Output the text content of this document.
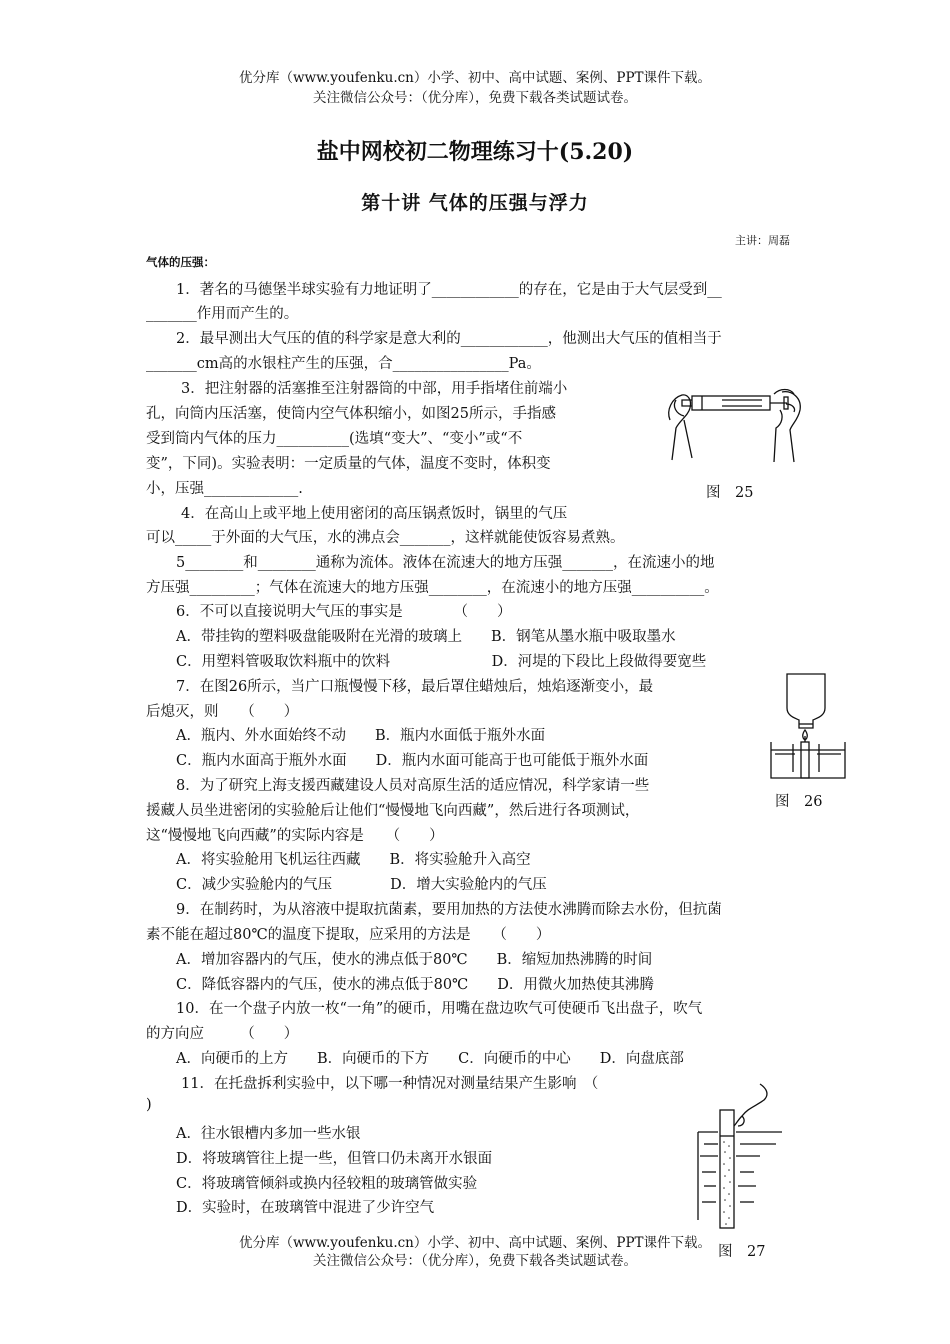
优分库（www.youfenku.cn）小学、初中、高中试题、案例、PPT课件下载。
关注微信公众号：（优分库），免费下载各类试题试卷。
盐中网校初二物理练习十(5.20)
第十讲 气体的压强与浮力
主讲：周磊
气体的压强：
1．著名的马德堡半球实验有力地证明了____________的存在，它是由于大气层受到__
_______作用而产生的。
2．最早测出大气压的值的科学家是意大利的____________，他测出大气压的值相当于
_______cm高的水银柱产生的压强，合________________Pa。
3．把注射器的活塞推至注射器筒的中部，用手指堵住前端小
孔，向筒内压活塞，使筒内空气体积缩小，如图25所示，手指感
受到筒内气体的压力__________(选填“变大”、“变小”或“不
变”，下同)。实验表明：一定质量的气体，温度不变时，体积变
小，压强_____________.
4．在高山上或平地上使用密闭的高压锅煮饭时，锅里的气压
可以_____于外面的大气压，水的沸点会_______，这样就能使饭容易煮熟。
5________和________通称为流体。液体在流速大的地方压强_______，在流速小的地
方压强_________；气体在流速大的地方压强________，在流速小的地方压强__________。
6．不可以直接说明大气压的事实是　　　　（　　）
A．带挂钩的塑料吸盘能吸附在光滑的玻璃上　　B．钢笔从墨水瓶中吸取墨水
C．用塑料管吸取饮料瓶中的饮料　　　　　　　D．河堤的下段比上段做得要宽些
7．在图26所示，当广口瓶慢慢下移，最后罩住蜡烛后，烛焰逐渐变小，最
后熄灭，则　　（　　）
A．瓶内、外水面始终不动　　B．瓶内水面低于瓶外水面
C．瓶内水面高于瓶外水面　　D．瓶内水面可能高于也可能低于瓶外水面
8．为了研究上海支援西藏建设人员对高原生活的适应情况，科学家请一些
援藏人员坐进密闭的实验舱后让他们“慢慢地飞向西藏”，然后进行各项测试，
这“慢慢地飞向西藏”的实际内容是　　（　　）
A．将实验舱用飞机运往西藏　　B．将实验舱升入高空
C．减少实验舱内的气压　　　　D．增大实验舱内的气压
9．在制药时，为从溶液中提取抗菌素，要用加热的方法使水沸腾而除去水份，但抗菌
素不能在超过80℃的温度下提取，应采用的方法是　　（　　）
A．增加容器内的气压，使水的沸点低于80℃　　B．缩短加热沸腾的时间
C．降低容器内的气压，使水的沸点低于80℃　　D．用微火加热使其沸腾
10．在一个盘子内放一枚“一角”的硬币，用嘴在盘边吹气可使硬币飞出盘子，吹气
的方向应　　　（　　）
A．向硬币的上方　　B．向硬币的下方　　C．向硬币的中心　　D．向盘底部
11．在托盘拆利实验中，以下哪一种情况对测量结果产生影响　（
)
A．往水银槽内多加一些水银
D．将玻璃管往上提一些，但管口仍未离开水银面
C．将玻璃管倾斜或换内径较粗的玻璃管做实验
D．实验时，在玻璃管中混进了少许空气
图　25
图　26
图　27
优分库（www.youfenku.cn）小学、初中、高中试题、案例、PPT课件下载。
关注微信公众号：（优分库），免费下载各类试题试卷。
